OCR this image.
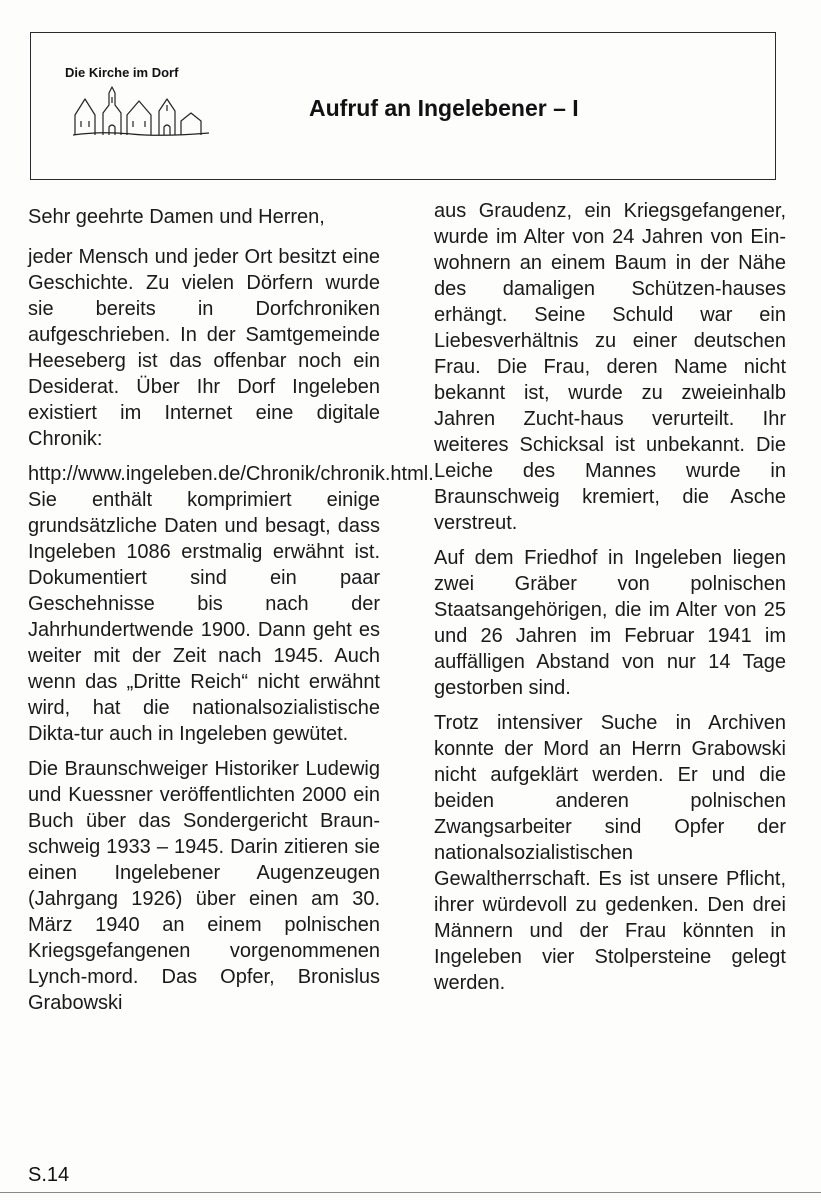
Die Kirche im Dorf
Aufruf an Ingelebener – I

Sehr geehrte Damen und Herren,

jeder Mensch und jeder Ort besitzt eine Geschichte. Zu vielen Dörfern wurde sie bereits in Dorfchroniken aufgeschrieben. In der Samtgemeinde Heeseberg ist das offenbar noch ein Desiderat. Über Ihr Dorf Ingeleben existiert im Internet eine digitale Chronik:

http://www.ingeleben.de/Chronik/chronik.html. Sie enthält komprimiert einige grundsätzliche Daten und besagt, dass Ingeleben 1086 erstmalig erwähnt ist. Dokumentiert sind ein paar Geschehnisse bis nach der Jahrhundertwende 1900. Dann geht es weiter mit der Zeit nach 1945. Auch wenn das „Dritte Reich“ nicht erwähnt wird, hat die nationalsozialistische Dikta-tur auch in Ingeleben gewütet.

Die Braunschweiger Historiker Ludewig und Kuessner veröffentlichten 2000 ein Buch über das Sondergericht Braun-schweig 1933 – 1945. Darin zitieren sie einen Ingelebener Augenzeugen (Jahrgang 1926) über einen am 30. März 1940 an einem polnischen Kriegsgefangenen vorgenommenen Lynch-mord. Das Opfer, Bronislus Grabowski

aus Graudenz, ein Kriegsgefangener, wurde im Alter von 24 Jahren von Ein-wohnern an einem Baum in der Nähe des damaligen Schützen-hauses erhängt. Seine Schuld war ein Liebesverhältnis zu einer deutschen Frau. Die Frau, deren Name nicht bekannt ist, wurde zu zweieinhalb Jahren Zucht-haus verurteilt. Ihr weiteres Schicksal ist unbekannt. Die Leiche des Mannes wurde in Braunschweig kremiert, die Asche verstreut.

Auf dem Friedhof in Ingeleben liegen zwei Gräber von polnischen Staatsangehörigen, die im Alter von 25 und 26 Jahren im Februar 1941 im auffälligen Abstand von nur 14 Tage gestorben sind.

Trotz intensiver Suche in Archiven konnte der Mord an Herrn Grabowski nicht aufgeklärt werden. Er und die beiden anderen polnischen Zwangsarbeiter sind Opfer der nationalsozialistischen Gewaltherrschaft. Es ist unsere Pflicht, ihrer würdevoll zu gedenken. Den drei Männern und der Frau könnten in Ingeleben vier Stolpersteine gelegt werden.

S.14
